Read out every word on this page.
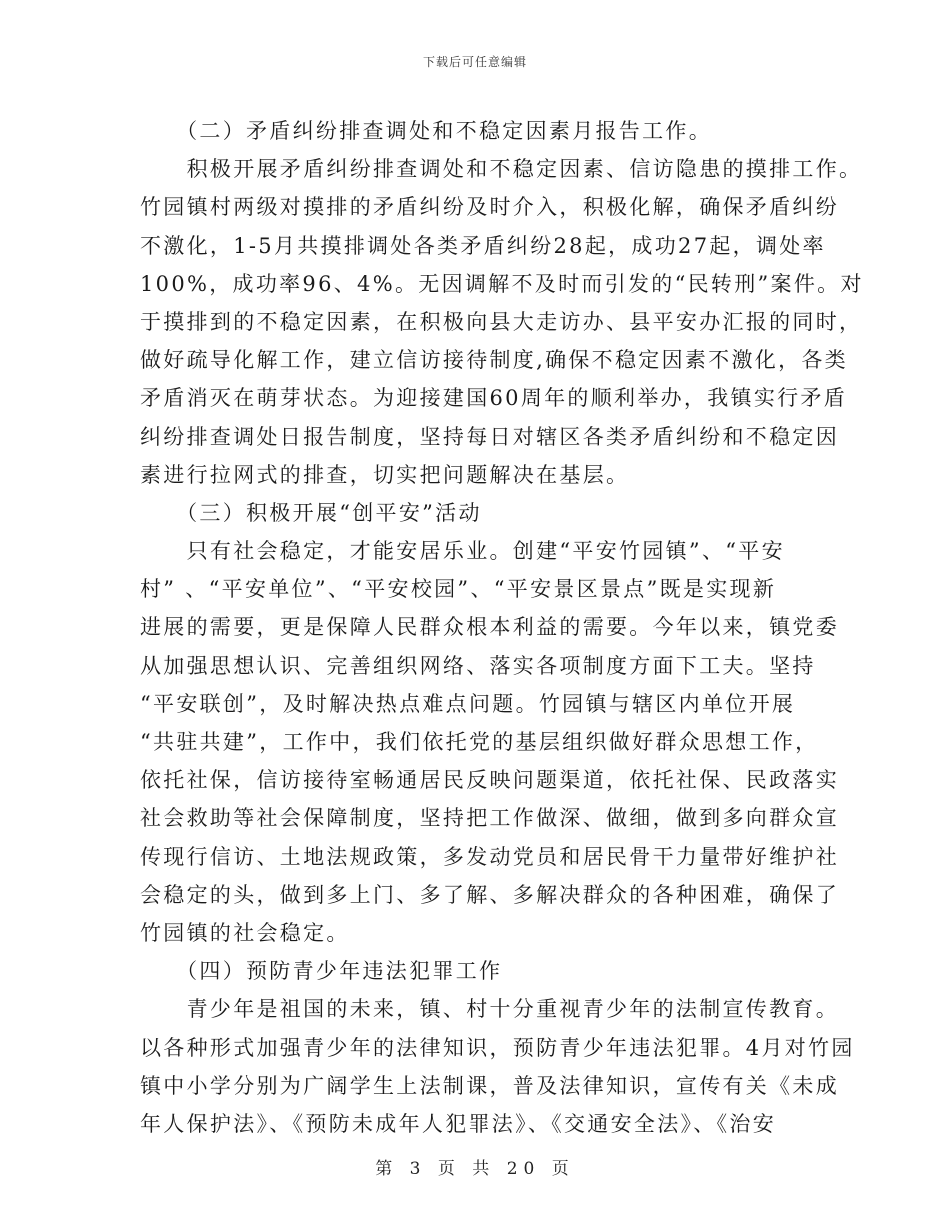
下载后可任意编辑
　　（二）矛盾纠纷排查调处和不稳定因素月报告工作。
　　积极开展矛盾纠纷排查调处和不稳定因素、信访隐患的摸排工作。
竹园镇村两级对摸排的矛盾纠纷及时介入，积极化解，确保矛盾纠纷
不激化，1-5月共摸排调处各类矛盾纠纷28起，成功27起，调处率
100%，成功率96、4%。无因调解不及时而引发的“民转刑”案件。对
于摸排到的不稳定因素，在积极向县大走访办、县平安办汇报的同时，
做好疏导化解工作，建立信访接待制度,确保不稳定因素不激化，各类
矛盾消灭在萌芽状态。为迎接建国60周年的顺利举办，我镇实行矛盾
纠纷排查调处日报告制度，坚持每日对辖区各类矛盾纠纷和不稳定因
素进行拉网式的排查，切实把问题解决在基层。
　　（三）积极开展“创平安”活动
　　只有社会稳定，才能安居乐业。创建“平安竹园镇”、“平安
村” 、“平安单位”、“平安校园”、“平安景区景点”既是实现新
进展的需要，更是保障人民群众根本利益的需要。今年以来，镇党委
从加强思想认识、完善组织网络、落实各项制度方面下工夫。坚持
“平安联创”，及时解决热点难点问题。竹园镇与辖区内单位开展
“共驻共建”，工作中，我们依托党的基层组织做好群众思想工作，
依托社保，信访接待室畅通居民反映问题渠道，依托社保、民政落实
社会救助等社会保障制度，坚持把工作做深、做细，做到多向群众宣
传现行信访、土地法规政策，多发动党员和居民骨干力量带好维护社
会稳定的头，做到多上门、多了解、多解决群众的各种困难，确保了
竹园镇的社会稳定。
　　（四）预防青少年违法犯罪工作
　　青少年是祖国的未来，镇、村十分重视青少年的法制宣传教育。
以各种形式加强青少年的法律知识，预防青少年违法犯罪。4月对竹园
镇中小学分别为广阔学生上法制课，普及法律知识，宣传有关《未成
年人保护法》、《预防未成年人犯罪法》、《交通安全法》、《治安
第 3 页 共 20 页
